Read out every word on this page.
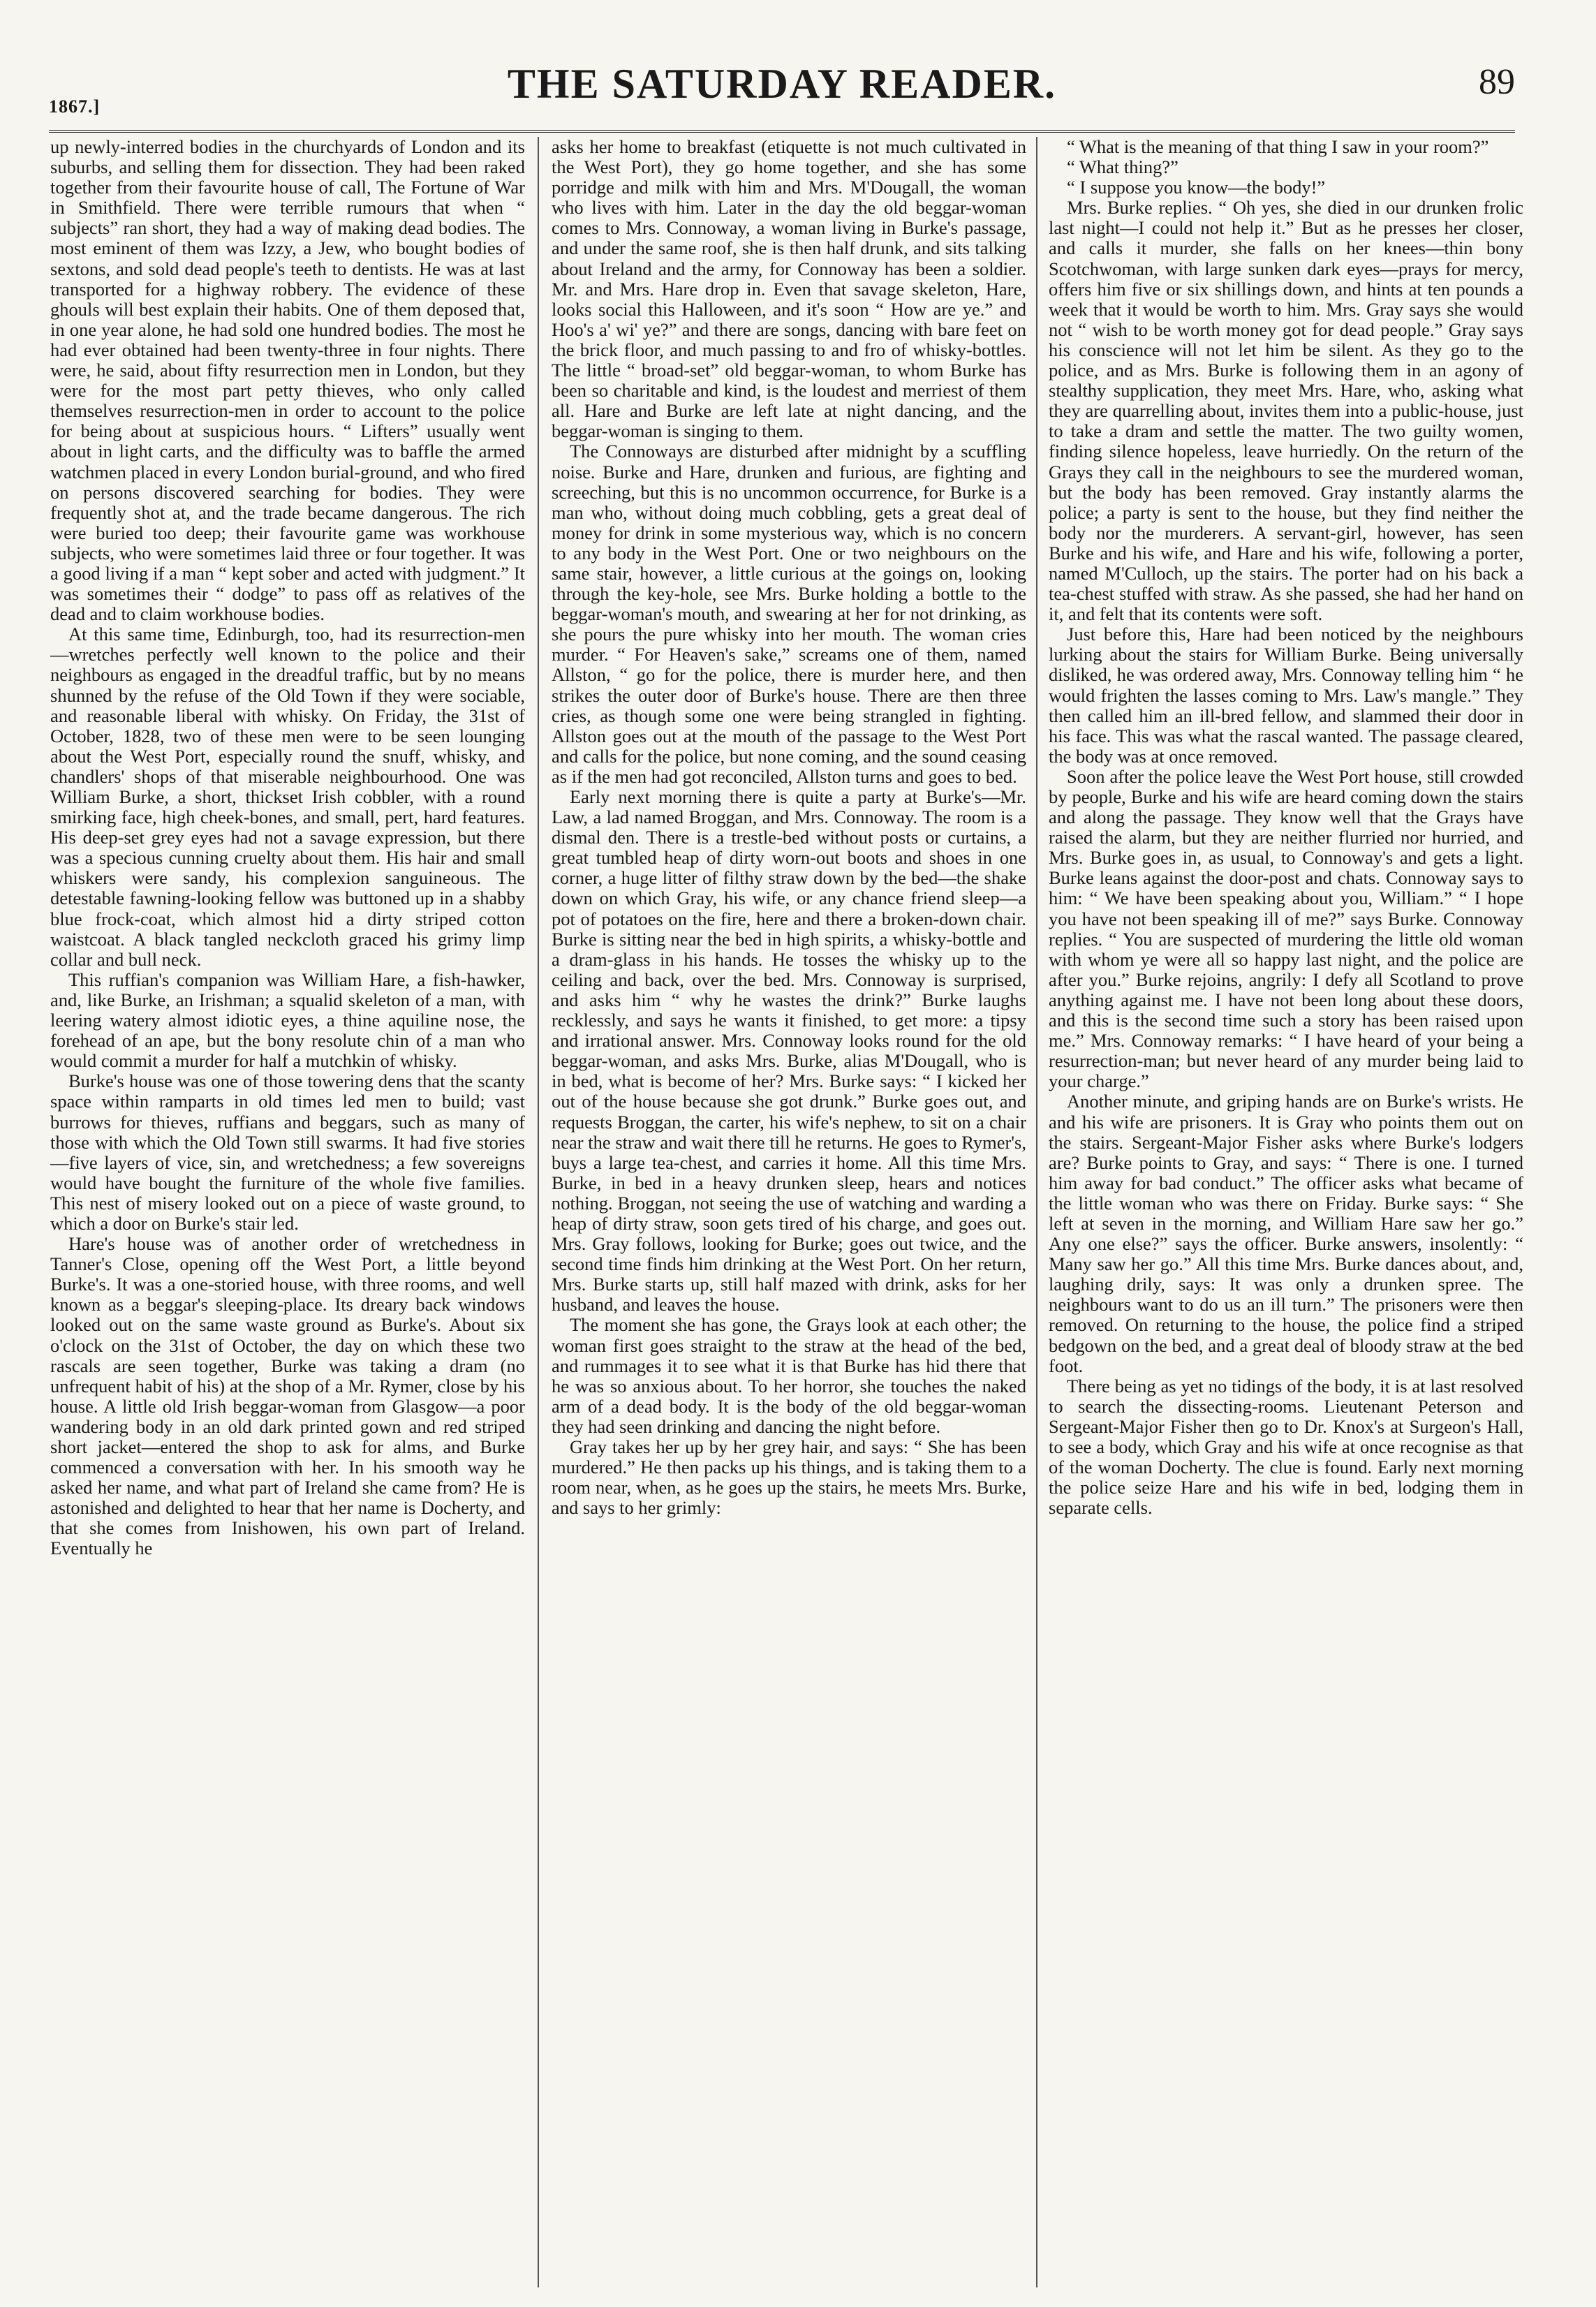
1867.]	THE SATURDAY READER.	89

up newly-interred bodies in the churchyards of London and its suburbs, and selling them for dissection. They had been raked together from their favourite house of call, The Fortune of War in Smithfield. There were terrible rumours that when “ subjects” ran short, they had a way of making dead bodies. The most eminent of them was Izzy, a Jew, who bought bodies of sextons, and sold dead people's teeth to dentists. He was at last transported for a highway robbery. The evidence of these ghouls will best explain their habits. One of them deposed that, in one year alone, he had sold one hundred bodies. The most he had ever obtained had been twenty-three in four nights. There were, he said, about fifty resurrection men in London, but they were for the most part petty thieves, who only called themselves resurrection-men in order to account to the police for being about at suspicious hours. “ Lifters” usually went about in light carts, and the difficulty was to baffle the armed watchmen placed in every London burial-ground, and who fired on persons discovered searching for bodies. They were frequently shot at, and the trade became dangerous. The rich were buried too deep; their favourite game was workhouse subjects, who were sometimes laid three or four together. It was a good living if a man “ kept sober and acted with judgment.” It was sometimes their “ dodge” to pass off as relatives of the dead and to claim workhouse bodies.

At this same time, Edinburgh, too, had its resurrection-men—wretches perfectly well known to the police and their neighbours as engaged in the dreadful traffic, but by no means shunned by the refuse of the Old Town if they were sociable, and reasonable liberal with whisky. On Friday, the 31st of October, 1828, two of these men were to be seen lounging about the West Port, especially round the snuff, whisky, and chandlers' shops of that miserable neighbourhood. One was William Burke, a short, thickset Irish cobbler, with a round smirking face, high cheek-bones, and small, pert, hard features. His deep-set grey eyes had not a savage expression, but there was a specious cunning cruelty about them. His hair and small whiskers were sandy, his complexion sanguineous. The detestable fawning-looking fellow was buttoned up in a shabby blue frock-coat, which almost hid a dirty striped cotton waistcoat. A black tangled neckcloth graced his grimy limp collar and bull neck.

This ruffian's companion was William Hare, a fish-hawker, and, like Burke, an Irishman; a squalid skeleton of a man, with leering watery almost idiotic eyes, a thine aquiline nose, the forehead of an ape, but the bony resolute chin of a man who would commit a murder for half a mutchkin of whisky.

Burke's house was one of those towering dens that the scanty space within ramparts in old times led men to build; vast burrows for thieves, ruffians and beggars, such as many of those with which the Old Town still swarms. It had five stories—five layers of vice, sin, and wretchedness; a few sovereigns would have bought the furniture of the whole five families. This nest of misery looked out on a piece of waste ground, to which a door on Burke's stair led.

Hare's house was of another order of wretchedness in Tanner's Close, opening off the West Port, a little beyond Burke's. It was a one-storied house, with three rooms, and well known as a beggar's sleeping-place. Its dreary back windows looked out on the same waste ground as Burke's. About six o'clock on the 31st of October, the day on which these two rascals are seen together, Burke was taking a dram (no unfrequent habit of his) at the shop of a Mr. Rymer, close by his house. A little old Irish beggar-woman from Glasgow—a poor wandering body in an old dark printed gown and red striped short jacket—entered the shop to ask for alms, and Burke commenced a conversation with her. In his smooth way he asked her name, and what part of Ireland she came from? He is astonished and delighted to hear that her name is Docherty, and that she comes from Inishowen, his own part of Ireland. Eventually he

asks her home to breakfast (etiquette is not much cultivated in the West Port), they go home together, and she has some porridge and milk with him and Mrs. M'Dougall, the woman who lives with him. Later in the day the old beggar-woman comes to Mrs. Connoway, a woman living in Burke's passage, and under the same roof, she is then half drunk, and sits talking about Ireland and the army, for Connoway has been a soldier. Mr. and Mrs. Hare drop in. Even that savage skeleton, Hare, looks social this Halloween, and it's soon “ How are ye.” and Hoo's a' wi' ye?” and there are songs, dancing with bare feet on the brick floor, and much passing to and fro of whisky-bottles. The little “ broad-set” old beggar-woman, to whom Burke has been so charitable and kind, is the loudest and merriest of them all. Hare and Burke are left late at night dancing, and the beggar-woman is singing to them.

The Connoways are disturbed after midnight by a scuffling noise. Burke and Hare, drunken and furious, are fighting and screeching, but this is no uncommon occurrence, for Burke is a man who, without doing much cobbling, gets a great deal of money for drink in some mysterious way, which is no concern to any body in the West Port. One or two neighbours on the same stair, however, a little curious at the goings on, looking through the key-hole, see Mrs. Burke holding a bottle to the beggar-woman's mouth, and swearing at her for not drinking, as she pours the pure whisky into her mouth. The woman cries murder. “ For Heaven's sake,” screams one of them, named Allston, “ go for the police, there is murder here, and then strikes the outer door of Burke's house. There are then three cries, as though some one were being strangled in fighting. Allston goes out at the mouth of the passage to the West Port and calls for the police, but none coming, and the sound ceasing as if the men had got reconciled, Allston turns and goes to bed.

Early next morning there is quite a party at Burke's—Mr. Law, a lad named Broggan, and Mrs. Connoway. The room is a dismal den. There is a trestle-bed without posts or curtains, a great tumbled heap of dirty worn-out boots and shoes in one corner, a huge litter of filthy straw down by the bed—the shake down on which Gray, his wife, or any chance friend sleep—a pot of potatoes on the fire, here and there a broken-down chair. Burke is sitting near the bed in high spirits, a whisky-bottle and a dram-glass in his hands. He tosses the whisky up to the ceiling and back, over the bed. Mrs. Connoway is surprised, and asks him “ why he wastes the drink?” Burke laughs recklessly, and says he wants it finished, to get more: a tipsy and irrational answer. Mrs. Connoway looks round for the old beggar-woman, and asks Mrs. Burke, alias M'Dougall, who is in bed, what is become of her? Mrs. Burke says: “ I kicked her out of the house because she got drunk.” Burke goes out, and requests Broggan, the carter, his wife's nephew, to sit on a chair near the straw and wait there till he returns. He goes to Rymer's, buys a large tea-chest, and carries it home. All this time Mrs. Burke, in bed in a heavy drunken sleep, hears and notices nothing. Broggan, not seeing the use of watching and warding a heap of dirty straw, soon gets tired of his charge, and goes out. Mrs. Gray follows, looking for Burke; goes out twice, and the second time finds him drinking at the West Port. On her return, Mrs. Burke starts up, still half mazed with drink, asks for her husband, and leaves the house.

The moment she has gone, the Grays look at each other; the woman first goes straight to the straw at the head of the bed, and rummages it to see what it is that Burke has hid there that he was so anxious about. To her horror, she touches the naked arm of a dead body. It is the body of the old beggar-woman they had seen drinking and dancing the night before.

Gray takes her up by her grey hair, and says: “ She has been murdered.” He then packs up his things, and is taking them to a room near, when, as he goes up the stairs, he meets Mrs. Burke, and says to her grimly:

“ What is the meaning of that thing I saw in your room?”

“ What thing?”

“ I suppose you know—the body!”

Mrs. Burke replies. “ Oh yes, she died in our drunken frolic last night—I could not help it.” But as he presses her closer, and calls it murder, she falls on her knees—thin bony Scotchwoman, with large sunken dark eyes—prays for mercy, offers him five or six shillings down, and hints at ten pounds a week that it would be worth to him. Mrs. Gray says she would not “ wish to be worth money got for dead people.” Gray says his conscience will not let him be silent. As they go to the police, and as Mrs. Burke is following them in an agony of stealthy supplication, they meet Mrs. Hare, who, asking what they are quarrelling about, invites them into a public-house, just to take a dram and settle the matter. The two guilty women, finding silence hopeless, leave hurriedly. On the return of the Grays they call in the neighbours to see the murdered woman, but the body has been removed. Gray instantly alarms the police; a party is sent to the house, but they find neither the body nor the murderers. A servant-girl, however, has seen Burke and his wife, and Hare and his wife, following a porter, named M'Culloch, up the stairs. The porter had on his back a tea-chest stuffed with straw. As she passed, she had her hand on it, and felt that its contents were soft.

Just before this, Hare had been noticed by the neighbours lurking about the stairs for William Burke. Being universally disliked, he was ordered away, Mrs. Connoway telling him “ he would frighten the lasses coming to Mrs. Law's mangle.” They then called him an ill-bred fellow, and slammed their door in his face. This was what the rascal wanted. The passage cleared, the body was at once removed.

Soon after the police leave the West Port house, still crowded by people, Burke and his wife are heard coming down the stairs and along the passage. They know well that the Grays have raised the alarm, but they are neither flurried nor hurried, and Mrs. Burke goes in, as usual, to Connoway's and gets a light. Burke leans against the door-post and chats. Connoway says to him: “ We have been speaking about you, William.” “ I hope you have not been speaking ill of me?” says Burke. Connoway replies. “ You are suspected of murdering the little old woman with whom ye were all so happy last night, and the police are after you.” Burke rejoins, angrily: I defy all Scotland to prove anything against me. I have not been long about these doors, and this is the second time such a story has been raised upon me.” Mrs. Connoway remarks: “ I have heard of your being a resurrection-man; but never heard of any murder being laid to your charge.”

Another minute, and griping hands are on Burke's wrists. He and his wife are prisoners. It is Gray who points them out on the stairs. Sergeant-Major Fisher asks where Burke's lodgers are? Burke points to Gray, and says: “ There is one. I turned him away for bad conduct.” The officer asks what became of the little woman who was there on Friday. Burke says: “ She left at seven in the morning, and William Hare saw her go.” Any one else?” says the officer. Burke answers, insolently: “ Many saw her go.” All this time Mrs. Burke dances about, and, laughing drily, says: It was only a drunken spree. The neighbours want to do us an ill turn.” The prisoners were then removed. On returning to the house, the police find a striped bedgown on the bed, and a great deal of bloody straw at the bed foot.

There being as yet no tidings of the body, it is at last resolved to search the dissecting-rooms. Lieutenant Peterson and Sergeant-Major Fisher then go to Dr. Knox's at Surgeon's Hall, to see a body, which Gray and his wife at once recognise as that of the woman Docherty. The clue is found. Early next morning the police seize Hare and his wife in bed, lodging them in separate cells.
